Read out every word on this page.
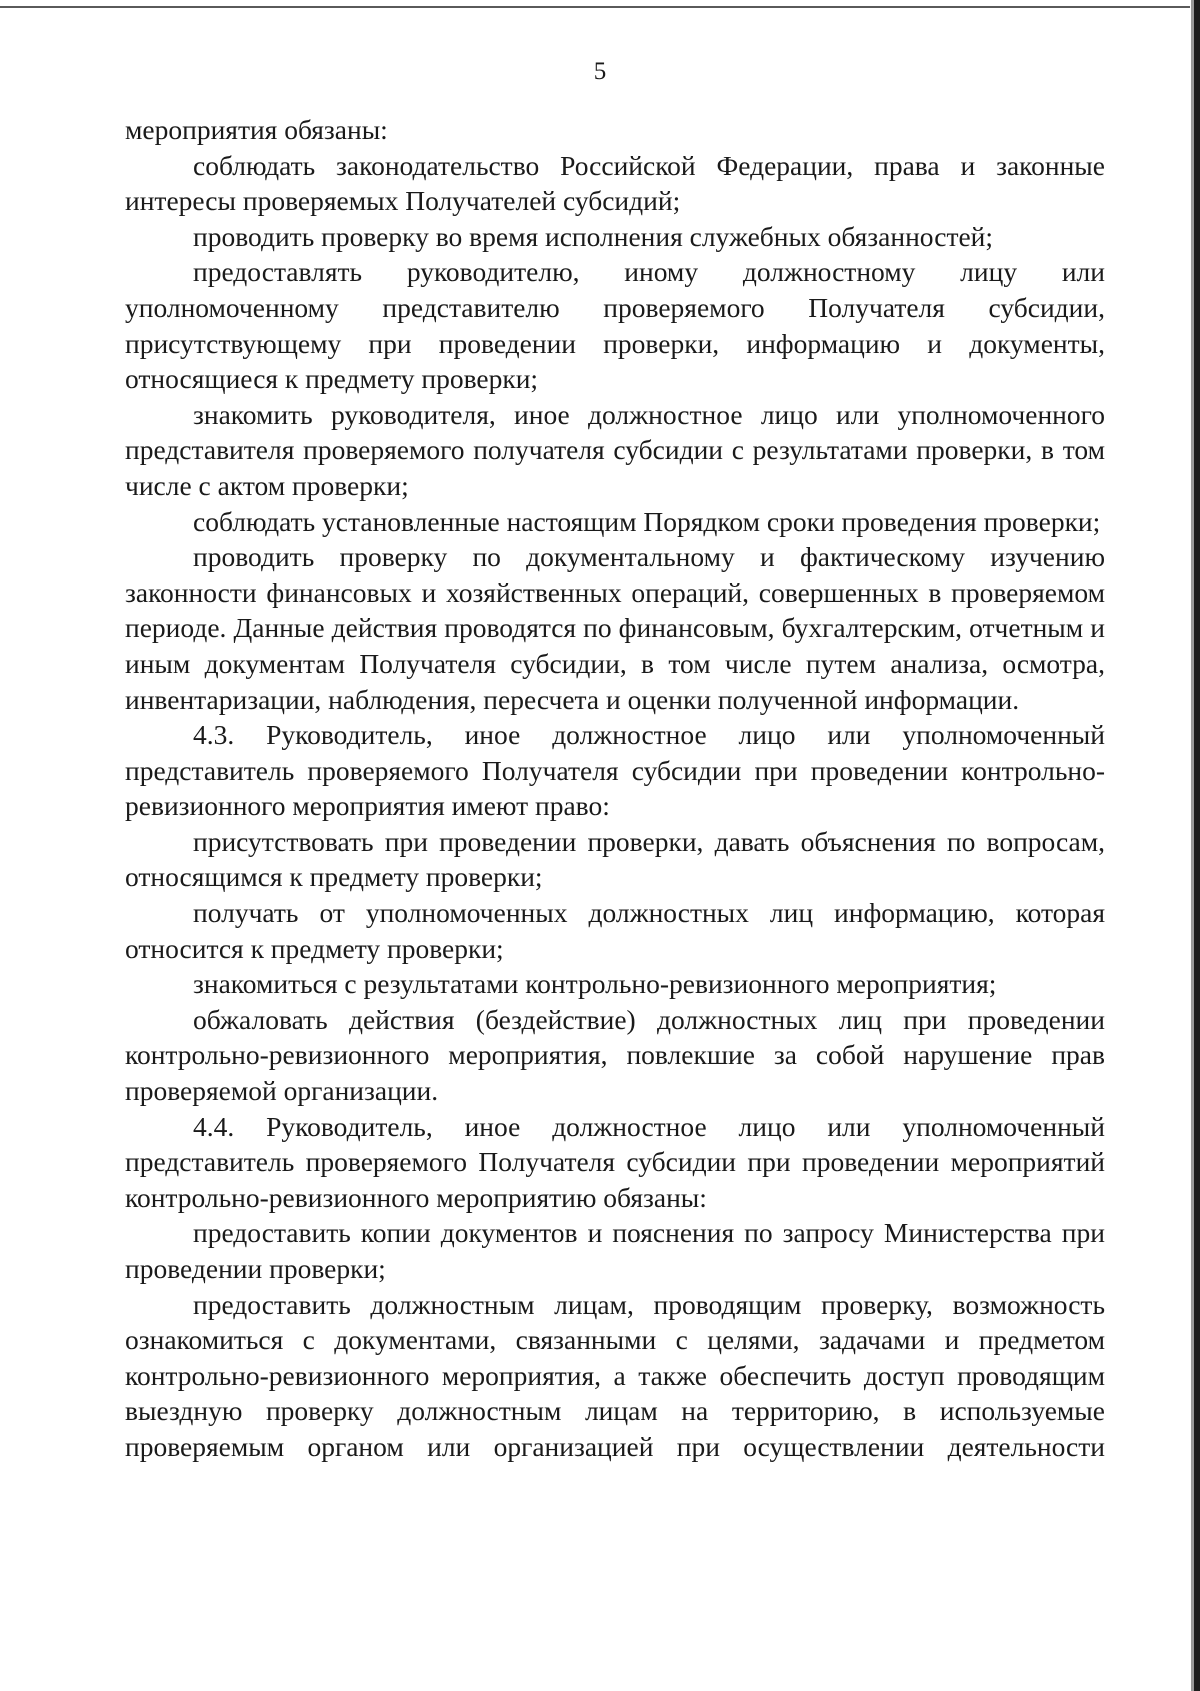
5

мероприятия обязаны:

соблюдать законодательство Российской Федерации, права и законные интересы проверяемых Получателей субсидий;

проводить проверку во время исполнения служебных обязанностей;

предоставлять руководителю, иному должностному лицу или уполномоченному представителю проверяемого Получателя субсидии, присутствующему при проведении проверки, информацию и документы, относящиеся к предмету проверки;

знакомить руководителя, иное должностное лицо или уполномоченного представителя проверяемого получателя субсидии с результатами проверки, в том числе с актом проверки;

соблюдать установленные настоящим Порядком сроки проведения проверки;

проводить проверку по документальному и фактическому изучению законности финансовых и хозяйственных операций, совершенных в проверяемом периоде. Данные действия проводятся по финансовым, бухгалтерским, отчетным и иным документам Получателя субсидии, в том числе путем анализа, осмотра, инвентаризации, наблюдения, пересчета и оценки полученной информации.

4.3. Руководитель, иное должностное лицо или уполномоченный представитель проверяемого Получателя субсидии при проведении контрольно-ревизионного мероприятия имеют право:

присутствовать при проведении проверки, давать объяснения по вопросам, относящимся к предмету проверки;

получать от уполномоченных должностных лиц информацию, которая относится к предмету проверки;

знакомиться с результатами контрольно-ревизионного мероприятия;

обжаловать действия (бездействие) должностных лиц при проведении контрольно-ревизионного мероприятия, повлекшие за собой нарушение прав проверяемой организации.

4.4. Руководитель, иное должностное лицо или уполномоченный представитель проверяемого Получателя субсидии при проведении мероприятий контрольно-ревизионного мероприятию обязаны:

предоставить копии документов и пояснения по запросу Министерства при проведении проверки;

предоставить должностным лицам, проводящим проверку, возможность ознакомиться с документами, связанными с целями, задачами и предметом контрольно-ревизионного мероприятия, а также обеспечить доступ проводящим выездную проверку должностным лицам на территорию, в используемые проверяемым органом или организацией при осуществлении деятельности
